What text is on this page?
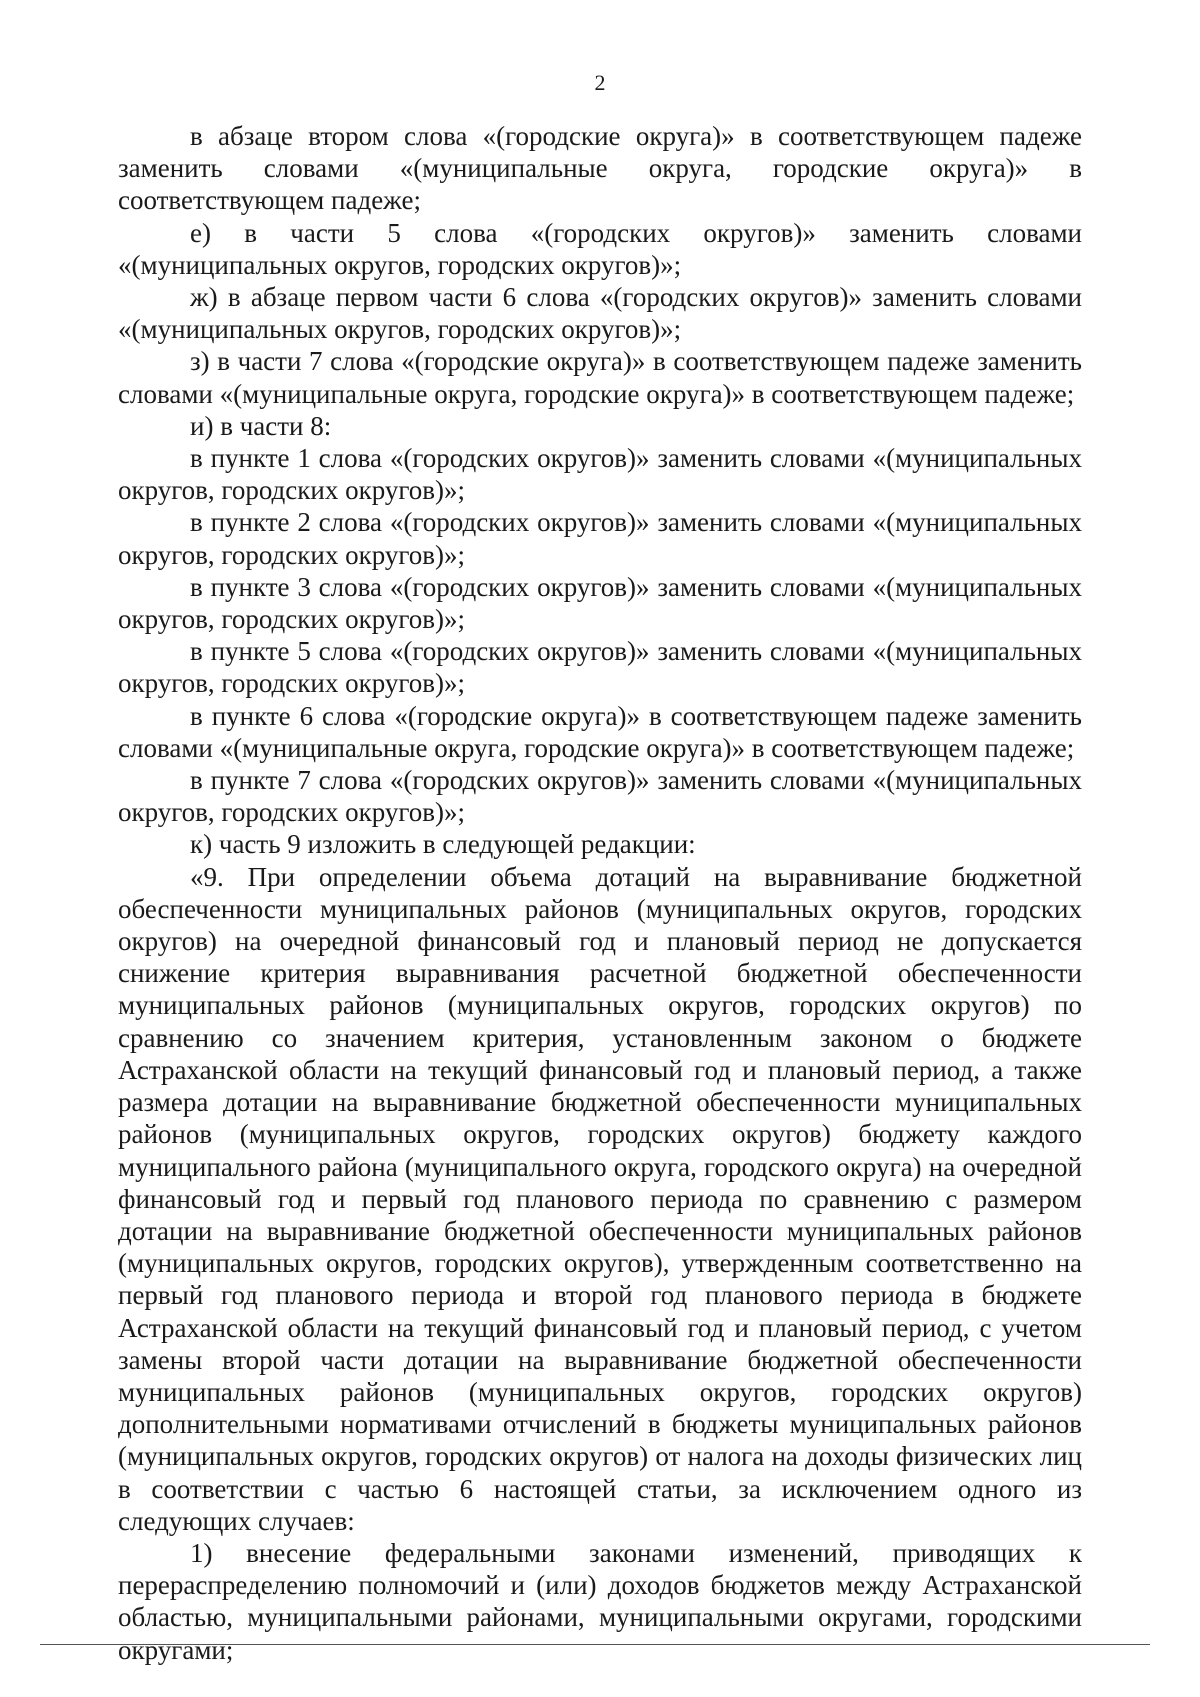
2

в абзаце втором слова «(городские округа)» в соответствующем падеже заменить словами «(муниципальные округа, городские округа)» в соответствующем падеже;

е) в части 5 слова «(городских округов)» заменить словами «(муниципальных округов, городских округов)»;

ж) в абзаце первом части 6 слова «(городских округов)» заменить словами «(муниципальных округов, городских округов)»;

з) в части 7 слова «(городские округа)» в соответствующем падеже заменить словами «(муниципальные округа, городские округа)» в соответствующем падеже;

и) в части 8:

в пункте 1 слова «(городских округов)» заменить словами «(муниципальных округов, городских округов)»;

в пункте 2 слова «(городских округов)» заменить словами «(муниципальных округов, городских округов)»;

в пункте 3 слова «(городских округов)» заменить словами «(муниципальных округов, городских округов)»;

в пункте 5 слова «(городских округов)» заменить словами «(муниципальных округов, городских округов)»;

в пункте 6 слова «(городские округа)» в соответствующем падеже заменить словами «(муниципальные округа, городские округа)» в соответствующем падеже;

в пункте 7 слова «(городских округов)» заменить словами «(муниципальных округов, городских округов)»;

к) часть 9 изложить в следующей редакции:

«9. При определении объема дотаций на выравнивание бюджетной обеспеченности муниципальных районов (муниципальных округов, городских округов) на очередной финансовый год и плановый период не допускается снижение критерия выравнивания расчетной бюджетной обеспеченности муниципальных районов (муниципальных округов, городских округов) по сравнению со значением критерия, установленным законом о бюджете Астраханской области на текущий финансовый год и плановый период, а также размера дотации на выравнивание бюджетной обеспеченности муниципальных районов (муниципальных округов, городских округов) бюджету каждого муниципального района (муниципального округа, городского округа) на очередной финансовый год и первый год планового периода по сравнению с размером дотации на выравнивание бюджетной обеспеченности муниципальных районов (муниципальных округов, городских округов), утвержденным соответственно на первый год планового периода и второй год планового периода в бюджете Астраханской области на текущий финансовый год и плановый период, с учетом замены второй части дотации на выравнивание бюджетной обеспеченности муниципальных районов (муниципальных округов, городских округов) дополнительными нормативами отчислений в бюджеты муниципальных районов (муниципальных округов, городских округов) от налога на доходы физических лиц в соответствии с частью 6 настоящей статьи, за исключением одного из следующих случаев:

1) внесение федеральными законами изменений, приводящих к перераспределению полномочий и (или) доходов бюджетов между Астраханской областью, муниципальными районами, муниципальными округами, городскими округами;
